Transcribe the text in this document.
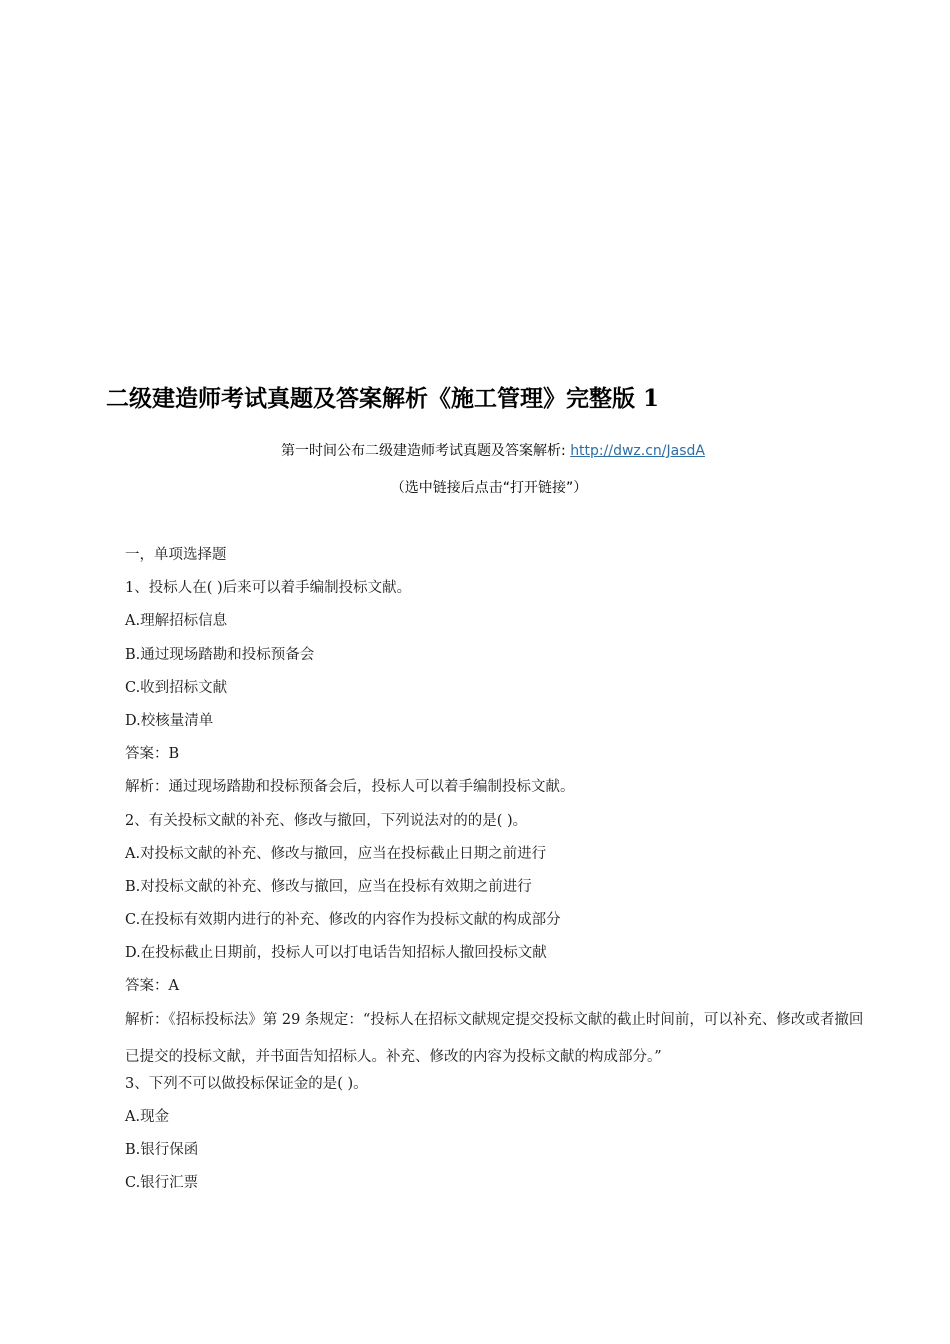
二级建造师考试真题及答案解析《施工管理》完整版 1
第一时间公布二级建造师考试真题及答案解析: http://dwz.cn/JasdA
（选中链接后点击“打开链接”）
一，单项选择题
1、投标人在( )后来可以着手编制投标文献。
A.理解招标信息
B.通过现场踏勘和投标预备会
C.收到招标文献
D.校核量清单
答案：B
解析：通过现场踏勘和投标预备会后，投标人可以着手编制投标文献。
2、有关投标文献的补充、修改与撤回，下列说法对的的是( )。
A.对投标文献的补充、修改与撤回，应当在投标截止日期之前进行
B.对投标文献的补充、修改与撤回，应当在投标有效期之前进行
C.在投标有效期内进行的补充、修改的内容作为投标文献的构成部分
D.在投标截止日期前，投标人可以打电话告知招标人撤回投标文献
答案：A
解析：《招标投标法》第 29 条规定：“投标人在招标文献规定提交投标文献的截止时间前，可以补充、修改或者撤回已提交的投标文献，并书面告知招标人。补充、修改的内容为投标文献的构成部分。”
3、下列不可以做投标保证金的是( )。
A.现金
B.银行保函
C.银行汇票
